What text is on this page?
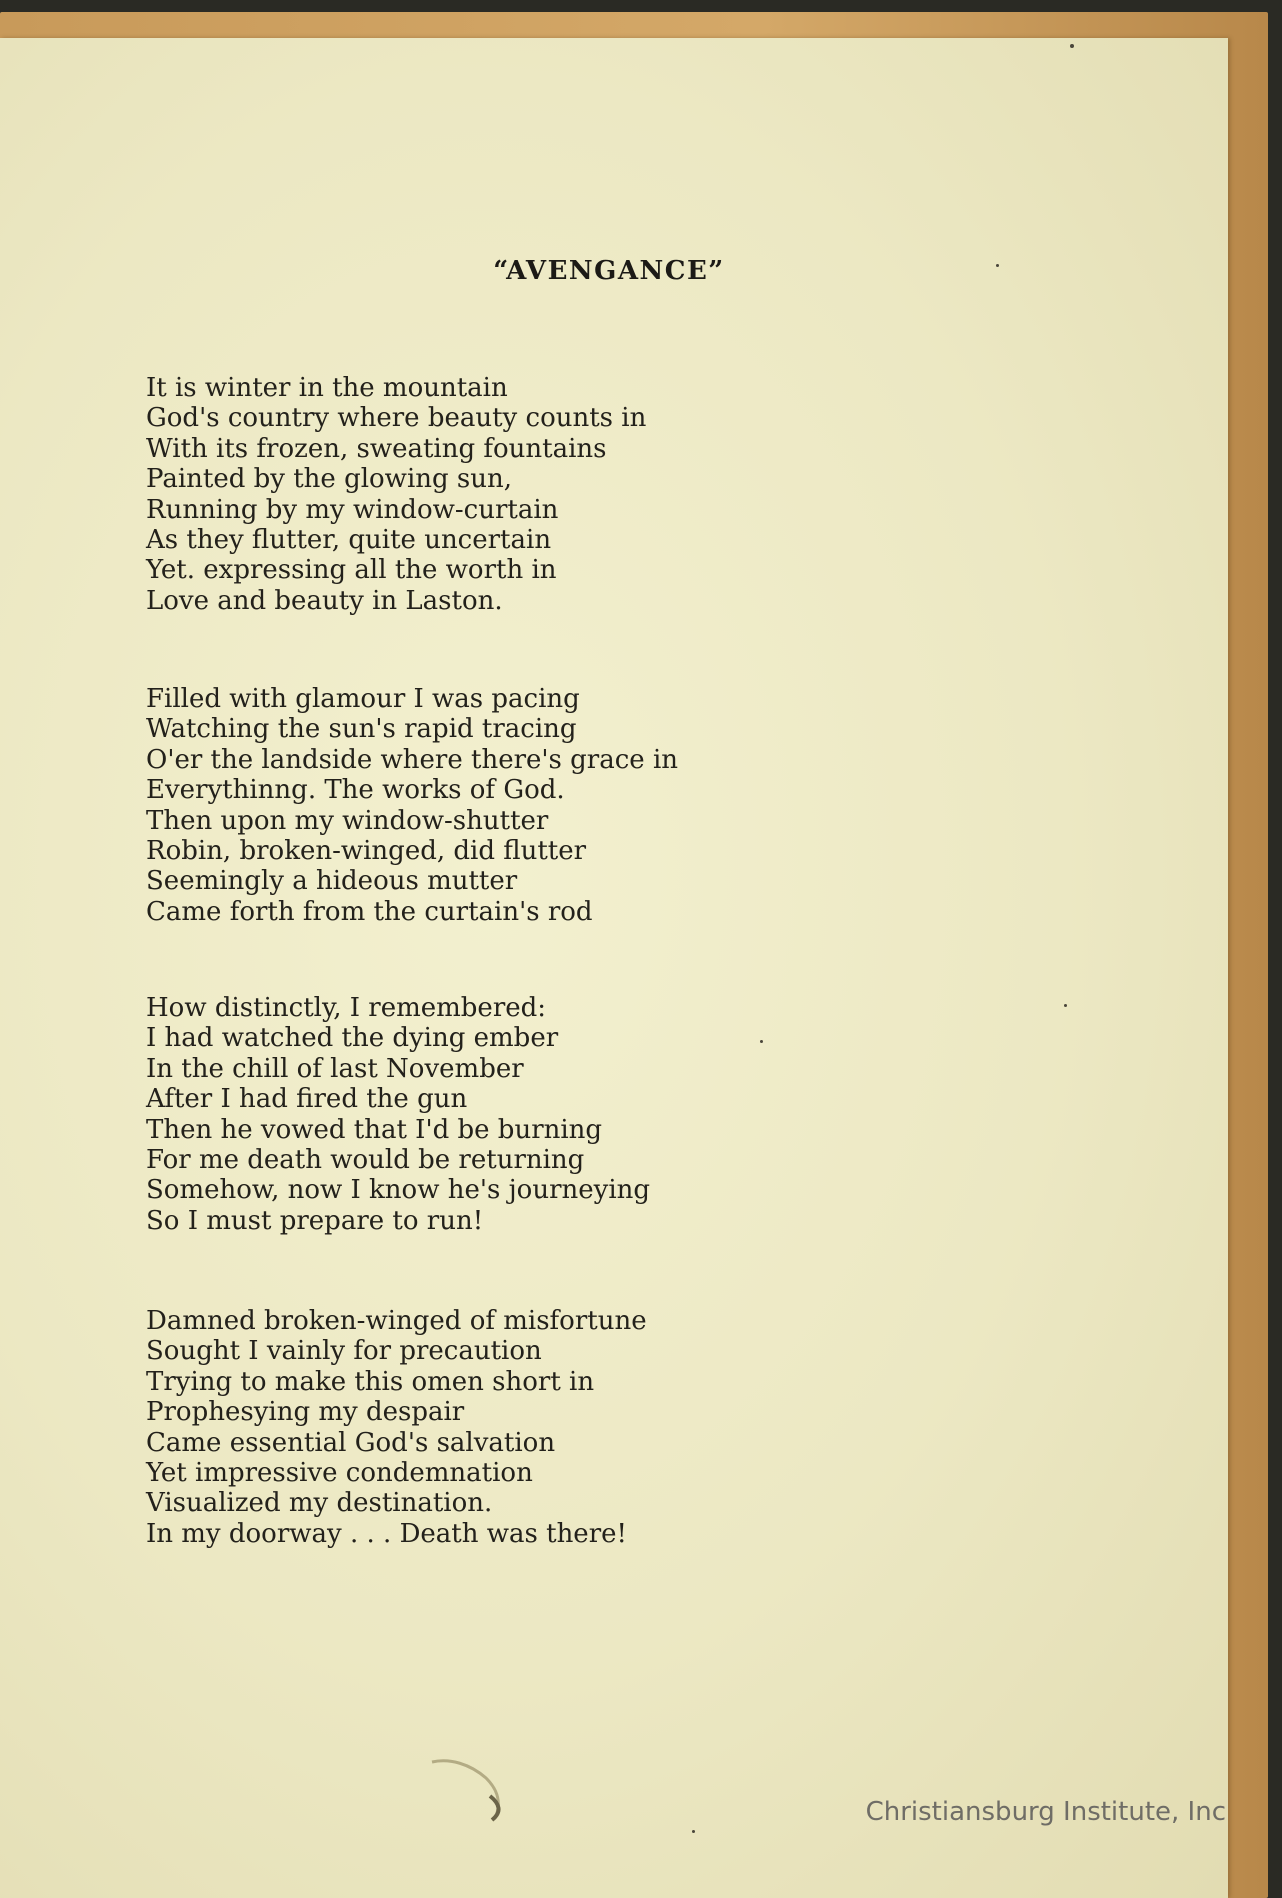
“AVENGANCE”
It is winter in the mountain
God's country where beauty counts in
With its frozen, sweating fountains
Painted by the glowing sun,
Running by my window-curtain
As they flutter, quite uncertain
Yet. expressing all the worth in
Love and beauty in Laston.
Filled with glamour I was pacing
Watching the sun's rapid tracing
O'er the landside where there's grace in
Everythinng. The works of God.
Then upon my window-shutter
Robin, broken-winged, did flutter
Seemingly a hideous mutter
Came forth from the curtain's rod
How distinctly, I remembered:
I had watched the dying ember
In the chill of last November
After I had fired the gun
Then he vowed that I'd be burning
For me death would be returning
Somehow, now I know he's journeying
So I must prepare to run!
Damned broken-winged of misfortune
Sought I vainly for precaution
Trying to make this omen short in
Prophesying my despair
Came essential God's salvation
Yet impressive condemnation
Visualized my destination.
In my doorway . . . Death was there!
Christiansburg Institute, Inc
